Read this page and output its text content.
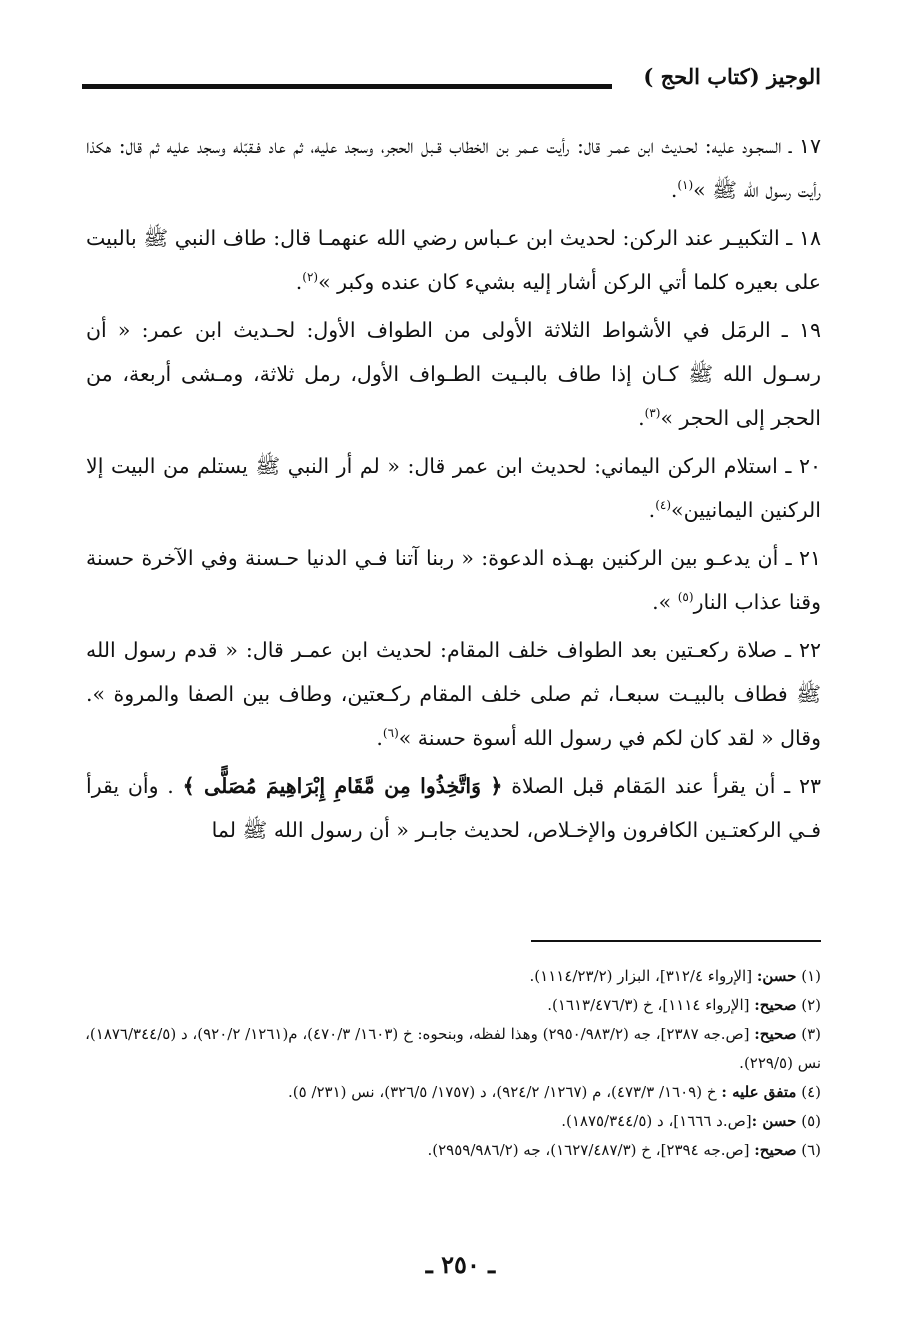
الوجيز (كتاب الحج )

١٧ ـ السجـود عليه: لحـديث ابن عمـر قال: رأيت عـمر بن الخطاب قـبل الحجر، وسجد عليه، ثم عاد فـقبّله وسجد عليه ثم قال: هكذا رأيت رسول الله ﷺ »$^{(١)}$.

١٨ ـ التكبيـر عند الركن: لحديث ابن عـباس رضي الله عنهمـا قال: طاف النبي ﷺ بالبيت على بعيره كلما أتي الركن أشار إليه بشيء كان عنده وكبر »$^{(٢)}$.

١٩ ـ الرمَل في الأشواط الثلاثة الأولى من الطواف الأول: لحـديث ابن عمر: « أن رسـول الله ﷺ كـان إذا طاف بالبـيت الطـواف الأول، رمل ثلاثة، ومـشى أربعة، من الحجر إلى الحجر »$^{(٣)}$.

٢٠ ـ استلام الركن اليماني: لحديث ابن عمر قال: « لم أر النبي ﷺ يستلم من البيت إلا الركنين اليمانيين»$^{(٤)}$.

٢١ ـ أن يدعـو بين الركنين بهـذه الدعوة: « ربنا آتنا فـي الدنيا حـسنة وفي الآخرة حسنة وقنا عذاب النار$^{(٥)}$ ».

٢٢ ـ صلاة ركعـتين بعد الطواف خلف المقام: لحديث ابن عمـر قال: « قدم رسول الله ﷺ فطاف بالبيـت سبعـا، ثم صلى خلف المقام ركـعتين، وطاف بين الصفا والمروة ». وقال « لقد كان لكم في رسول الله أسوة حسنة »$^{(٦)}$.

٢٣ ـ أن يقرأ عند المَقام قبل الصلاة ﴿ وَاتَّخِذُوا مِن مَّقَامِ إِبْرَاهِيمَ مُصَلًّى ﴾ . وأن يقرأ فـي الركعتـين الكافرون والإخـلاص، لحديث جابـر « أن رسول الله ﷺ لما

(١) حسن: [الإرواء ٣١٢/٤]، البزار (١١١٤/٢٣/٢).

(٢) صحيح: [الإرواء ١١١٤]، خ (١٦١٣/٤٧٦/٣).

(٣) صحيح: [ص.جه ٢٣٨٧]، جه (٢٩٥٠/٩٨٣/٢) وهذا لفظه، وبنحوه: خ (١٦٠٣/ ٤٧٠/٣)، م(١٢٦١/ ٩٢٠/٢)، د (١٨٧٦/٣٤٤/٥)، نس (٢٢٩/٥).

(٤) متفق عليه : خ (١٦٠٩/ ٤٧٣/٣)، م (١٢٦٧/ ٩٢٤/٢)، د (١٧٥٧/ ٣٢٦/٥)، نس (٢٣١/ ٥).

(٥) حسن :[ص.د ١٦٦٦]، د (١٨٧٥/٣٤٤/٥).

(٦) صحيح: [ص.جه ٢٣٩٤]، خ (١٦٢٧/٤٨٧/٣)، جه (٢٩٥٩/٩٨٦/٢).

ـ ٢٥٠ ـ
